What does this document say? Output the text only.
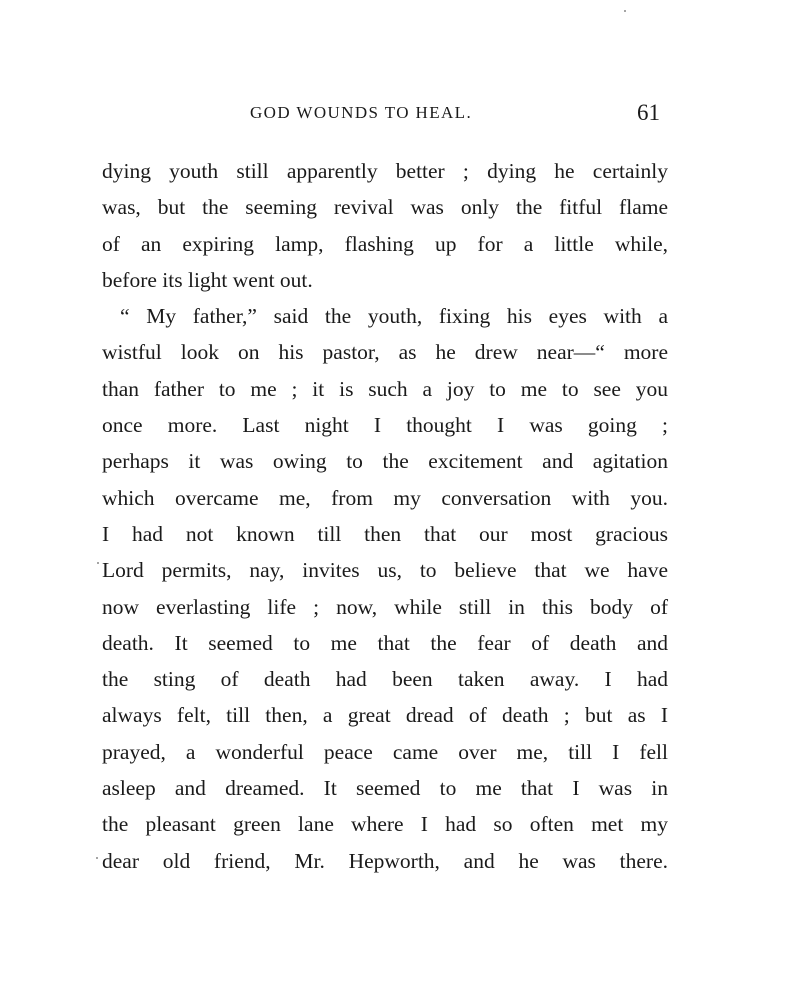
GOD WOUNDS TO HEAL.	61
dying youth still apparently better ; dying he certainly
was, but the seeming revival was only the fitful flame
of an expiring lamp, flashing up for a little while,
before its light went out.
“ My father,” said the youth, fixing his eyes with a
wistful look on his pastor, as he drew near—“ more
than father to me ; it is such a joy to me to see you
once more. Last night I thought I was going ;
perhaps it was owing to the excitement and agitation
which overcame me, from my conversation with you.
I had not known till then that our most gracious
Lord permits, nay, invites us, to believe that we have
now everlasting life ; now, while still in this body of
death. It seemed to me that the fear of death and
the sting of death had been taken away. I had
always felt, till then, a great dread of death ; but as I
prayed, a wonderful peace came over me, till I fell
asleep and dreamed. It seemed to me that I was in
the pleasant green lane where I had so often met my
dear old friend, Mr. Hepworth, and he was there.
